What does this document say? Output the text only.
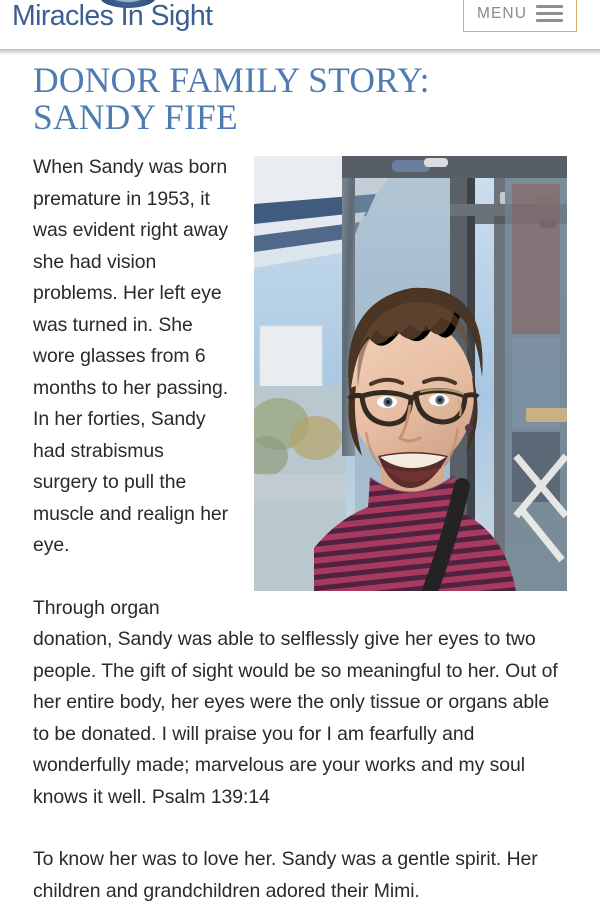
Miracles In Sight	MENU
DONOR FAMILY STORY: SANDY FIFE

When Sandy was born premature in 1953, it was evident right away she had vision problems. Her left eye was turned in. She wore glasses from 6 months to her passing. In her forties, Sandy had strabismus surgery to pull the muscle and realign her eye.

Through organ donation, Sandy was able to selflessly give her eyes to two people. The gift of sight would be so meaningful to her. Out of her entire body, her eyes were the only tissue or organs able to be donated. I will praise you for I am fearfully and wonderfully made; marvelous are your works and my soul knows it well. Psalm 139:14

To know her was to love her. Sandy was a gentle spirit. Her children and grandchildren adored their Mimi.
